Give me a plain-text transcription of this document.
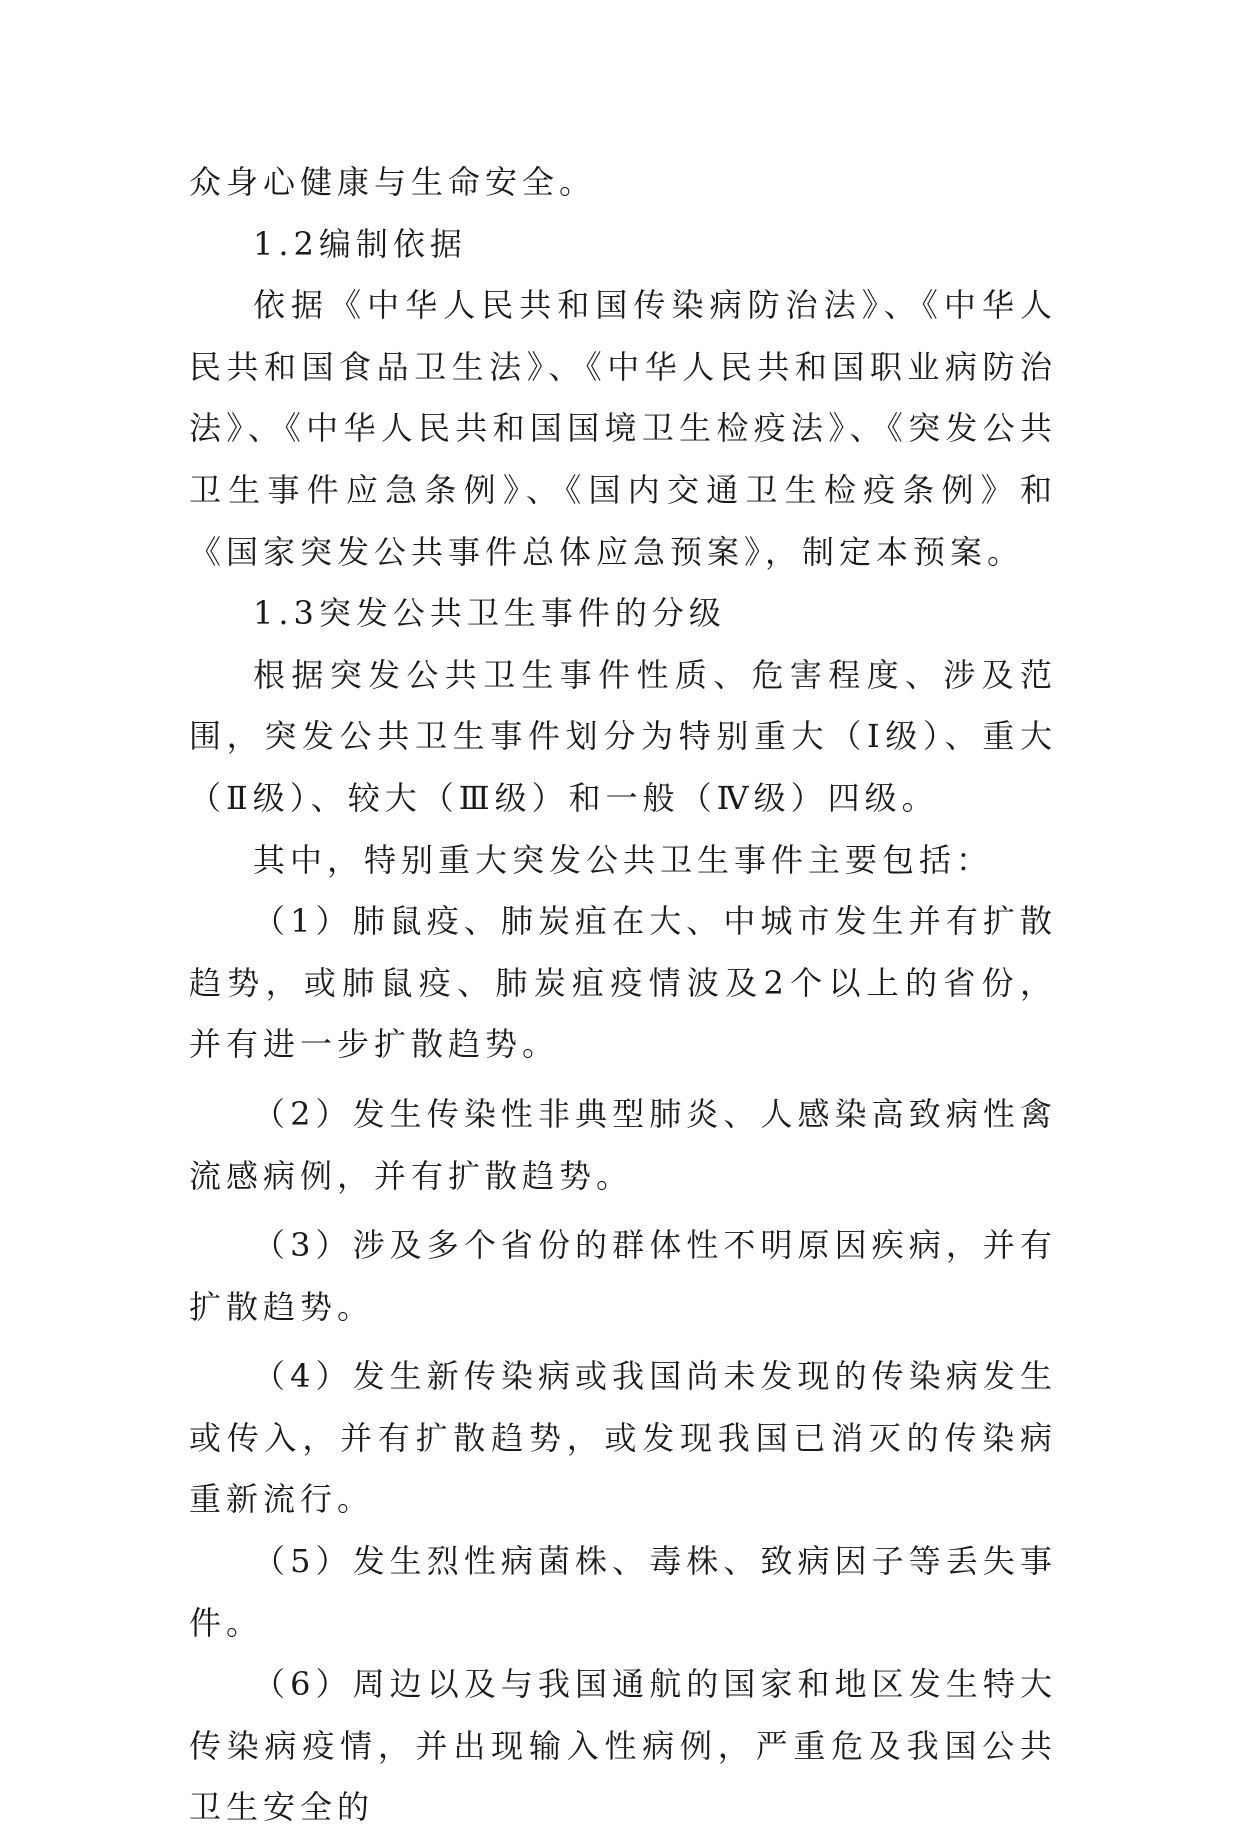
众身心健康与生命安全。

1.2编制依据

依据《中华人民共和国传染病防治法》、《中华人民共和国食品卫生法》、《中华人民共和国职业病防治法》、《中华人民共和国国境卫生检疫法》、《突发公共卫生事件应急条例》、《国内交通卫生检疫条例》和《国家突发公共事件总体应急预案》，制定本预案。

1.3突发公共卫生事件的分级

根据突发公共卫生事件性质、危害程度、涉及范围，突发公共卫生事件划分为特别重大（Ⅰ级）、重大（Ⅱ级）、较大（Ⅲ级）和一般（Ⅳ级）四级。

其中，特别重大突发公共卫生事件主要包括：

（1）肺鼠疫、肺炭疽在大、中城市发生并有扩散趋势，或肺鼠疫、肺炭疽疫情波及2个以上的省份，并有进一步扩散趋势。

（2）发生传染性非典型肺炎、人感染高致病性禽流感病例，并有扩散趋势。

（3）涉及多个省份的群体性不明原因疾病，并有扩散趋势。

（4）发生新传染病或我国尚未发现的传染病发生或传入，并有扩散趋势，或发现我国已消灭的传染病重新流行。

（5）发生烈性病菌株、毒株、致病因子等丢失事件。

（6）周边以及与我国通航的国家和地区发生特大传染病疫情，并出现输入性病例，严重危及我国公共卫生安全的
